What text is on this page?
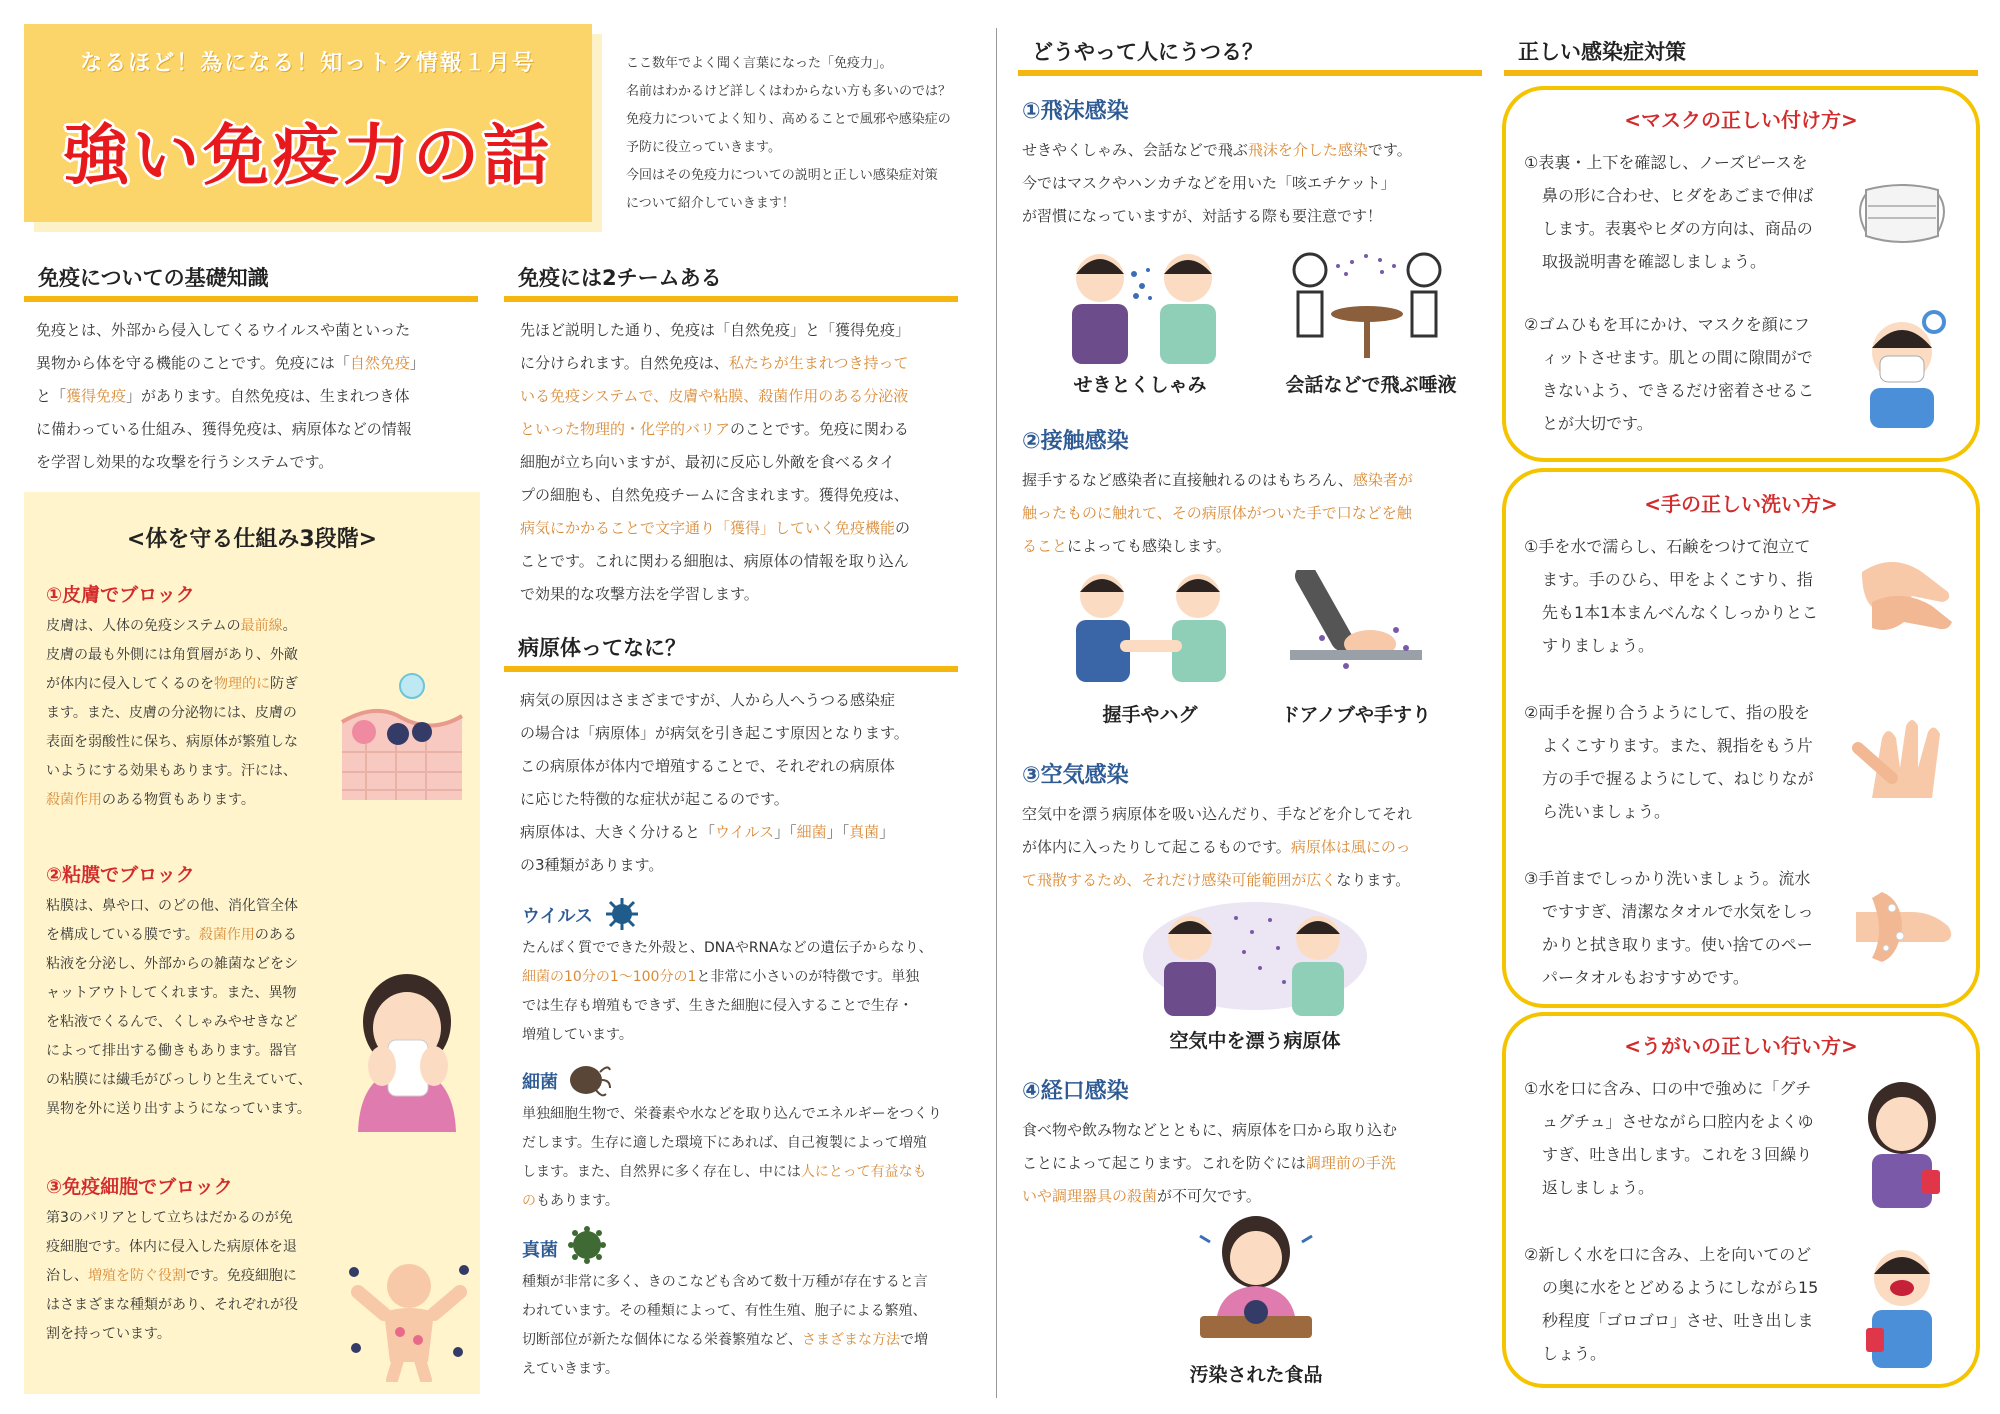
なるほど！為になる！知っトク情報１月号
強い免疫力の話

ここ数年でよく聞く言葉になった「免疫力」。

名前はわかるけど詳しくはわからない方も多いのでは？

免疫力についてよく知り、高めることで風邪や感染症の

予防に役立っていきます。

今回はその免疫力についての説明と正しい感染症対策

について紹介していきます！

免疫についての基礎知識

免疫とは、外部から侵入してくるウイルスや菌といった

異物から体を守る機能のことです。免疫には「自然免疫」

と「獲得免疫」があります。自然免疫は、生まれつき体

に備わっている仕組み、獲得免疫は、病原体などの情報

を学習し効果的な攻撃を行うシステムです。

<体を守る仕組み3段階>
①皮膚でブロック

皮膚は、人体の免疫システムの最前線。

皮膚の最も外側には角質層があり、外敵

が体内に侵入してくるのを物理的に防ぎ

ます。また、皮膚の分泌物には、皮膚の

表面を弱酸性に保ち、病原体が繁殖しな

いようにする効果もあります。汗には、

殺菌作用のある物質もあります。

②粘膜でブロック

粘膜は、鼻や口、のどの他、消化管全体

を構成している膜です。殺菌作用のある

粘液を分泌し、外部からの雑菌などをシ

ャットアウトしてくれます。また、異物

を粘液でくるんで、くしゃみやせきなど

によって排出する働きもあります。器官

の粘膜には繊毛がびっしりと生えていて、

異物を外に送り出すようになっています。

③免疫細胞でブロック

第3のバリアとして立ちはだかるのが免

疫細胞です。体内に侵入した病原体を退

治し、増殖を防ぐ役割です。免疫細胞に

はさまざまな種類があり、それぞれが役

割を持っています。

免疫には2チームある

先ほど説明した通り、免疫は「自然免疫」と「獲得免疫」

に分けられます。自然免疫は、私たちが生まれつき持って

いる免疫システムで、皮膚や粘膜、殺菌作用のある分泌液

といった物理的・化学的バリアのことです。免疫に関わる

細胞が立ち向いますが、最初に反応し外敵を食べるタイ

プの細胞も、自然免疫チームに含まれます。獲得免疫は、

病気にかかることで文字通り「獲得」していく免疫機能の

ことです。これに関わる細胞は、病原体の情報を取り込ん

で効果的な攻撃方法を学習します。

病原体ってなに？

病気の原因はさまざまですが、人から人へうつる感染症

の場合は「病原体」が病気を引き起こす原因となります。

この病原体が体内で増殖することで、それぞれの病原体

に応じた特徴的な症状が起こるのです。

病原体は、大きく分けると「ウイルス」「細菌」「真菌」

の3種類があります。

ウイルス

たんぱく質でできた外殻と、DNAやRNAなどの遺伝子からなり、

細菌の10分の1～100分の1と非常に小さいのが特徴です。単独

では生存も増殖もできず、生きた細胞に侵入することで生存・

増殖しています。

細菌

単独細胞生物で、栄養素や水などを取り込んでエネルギーをつくり

だします。生存に適した環境下にあれば、自己複製によって増殖

します。また、自然界に多く存在し、中には人にとって有益なも

のもあります。

真菌

種類が非常に多く、きのこなども含めて数十万種が存在すると言

われています。その種類によって、有性生殖、胞子による繁殖、

切断部位が新たな個体になる栄養繁殖など、さまざまな方法で増

えていきます。

どうやって人にうつる？
①飛沫感染

せきやくしゃみ、会話などで飛ぶ飛沫を介した感染です。

今ではマスクやハンカチなどを用いた「咳エチケット」

が習慣になっていますが、対話する際も要注意です！

せきとくしゃみ	会話などで飛ぶ唾液
②接触感染

握手するなど感染者に直接触れるのはもちろん、感染者が

触ったものに触れて、その病原体がついた手で口などを触

ることによっても感染します。

握手やハグ	ドアノブや手すり
③空気感染

空気中を漂う病原体を吸い込んだり、手などを介してそれ

が体内に入ったりして起こるものです。病原体は風にのっ

て飛散するため、それだけ感染可能範囲が広くなります。

空気中を漂う病原体
④経口感染

食べ物や飲み物などとともに、病原体を口から取り込む

ことによって起こります。これを防ぐには調理前の手洗

いや調理器具の殺菌が不可欠です。

汚染された食品
正しい感染症対策
<マスクの正しい付け方>

①表裏・上下を確認し、ノーズピースを

鼻の形に合わせ、ヒダをあごまで伸ば

します。表裏やヒダの方向は、商品の

取扱説明書を確認しましょう。

②ゴムひもを耳にかけ、マスクを顔にフ

ィットさせます。肌との間に隙間がで

きないよう、できるだけ密着させるこ

とが大切です。

<手の正しい洗い方>

①手を水で濡らし、石鹸をつけて泡立て

ます。手のひら、甲をよくこすり、指

先も1本1本まんべんなくしっかりとこ

すりましょう。

②両手を握り合うようにして、指の股を

よくこすります。また、親指をもう片

方の手で握るようにして、ねじりなが

ら洗いましょう。

③手首までしっかり洗いましょう。流水

ですすぎ、清潔なタオルで水気をしっ

かりと拭き取ります。使い捨てのペー

パータオルもおすすめです。

<うがいの正しい行い方>

①水を口に含み、口の中で強めに「グチ

ュグチュ」させながら口腔内をよくゆ

すぎ、吐き出します。これを３回繰り

返しましょう。

②新しく水を口に含み、上を向いてのど

の奥に水をとどめるようにしながら15

秒程度「ゴロゴロ」させ、吐き出しま

しょう。
